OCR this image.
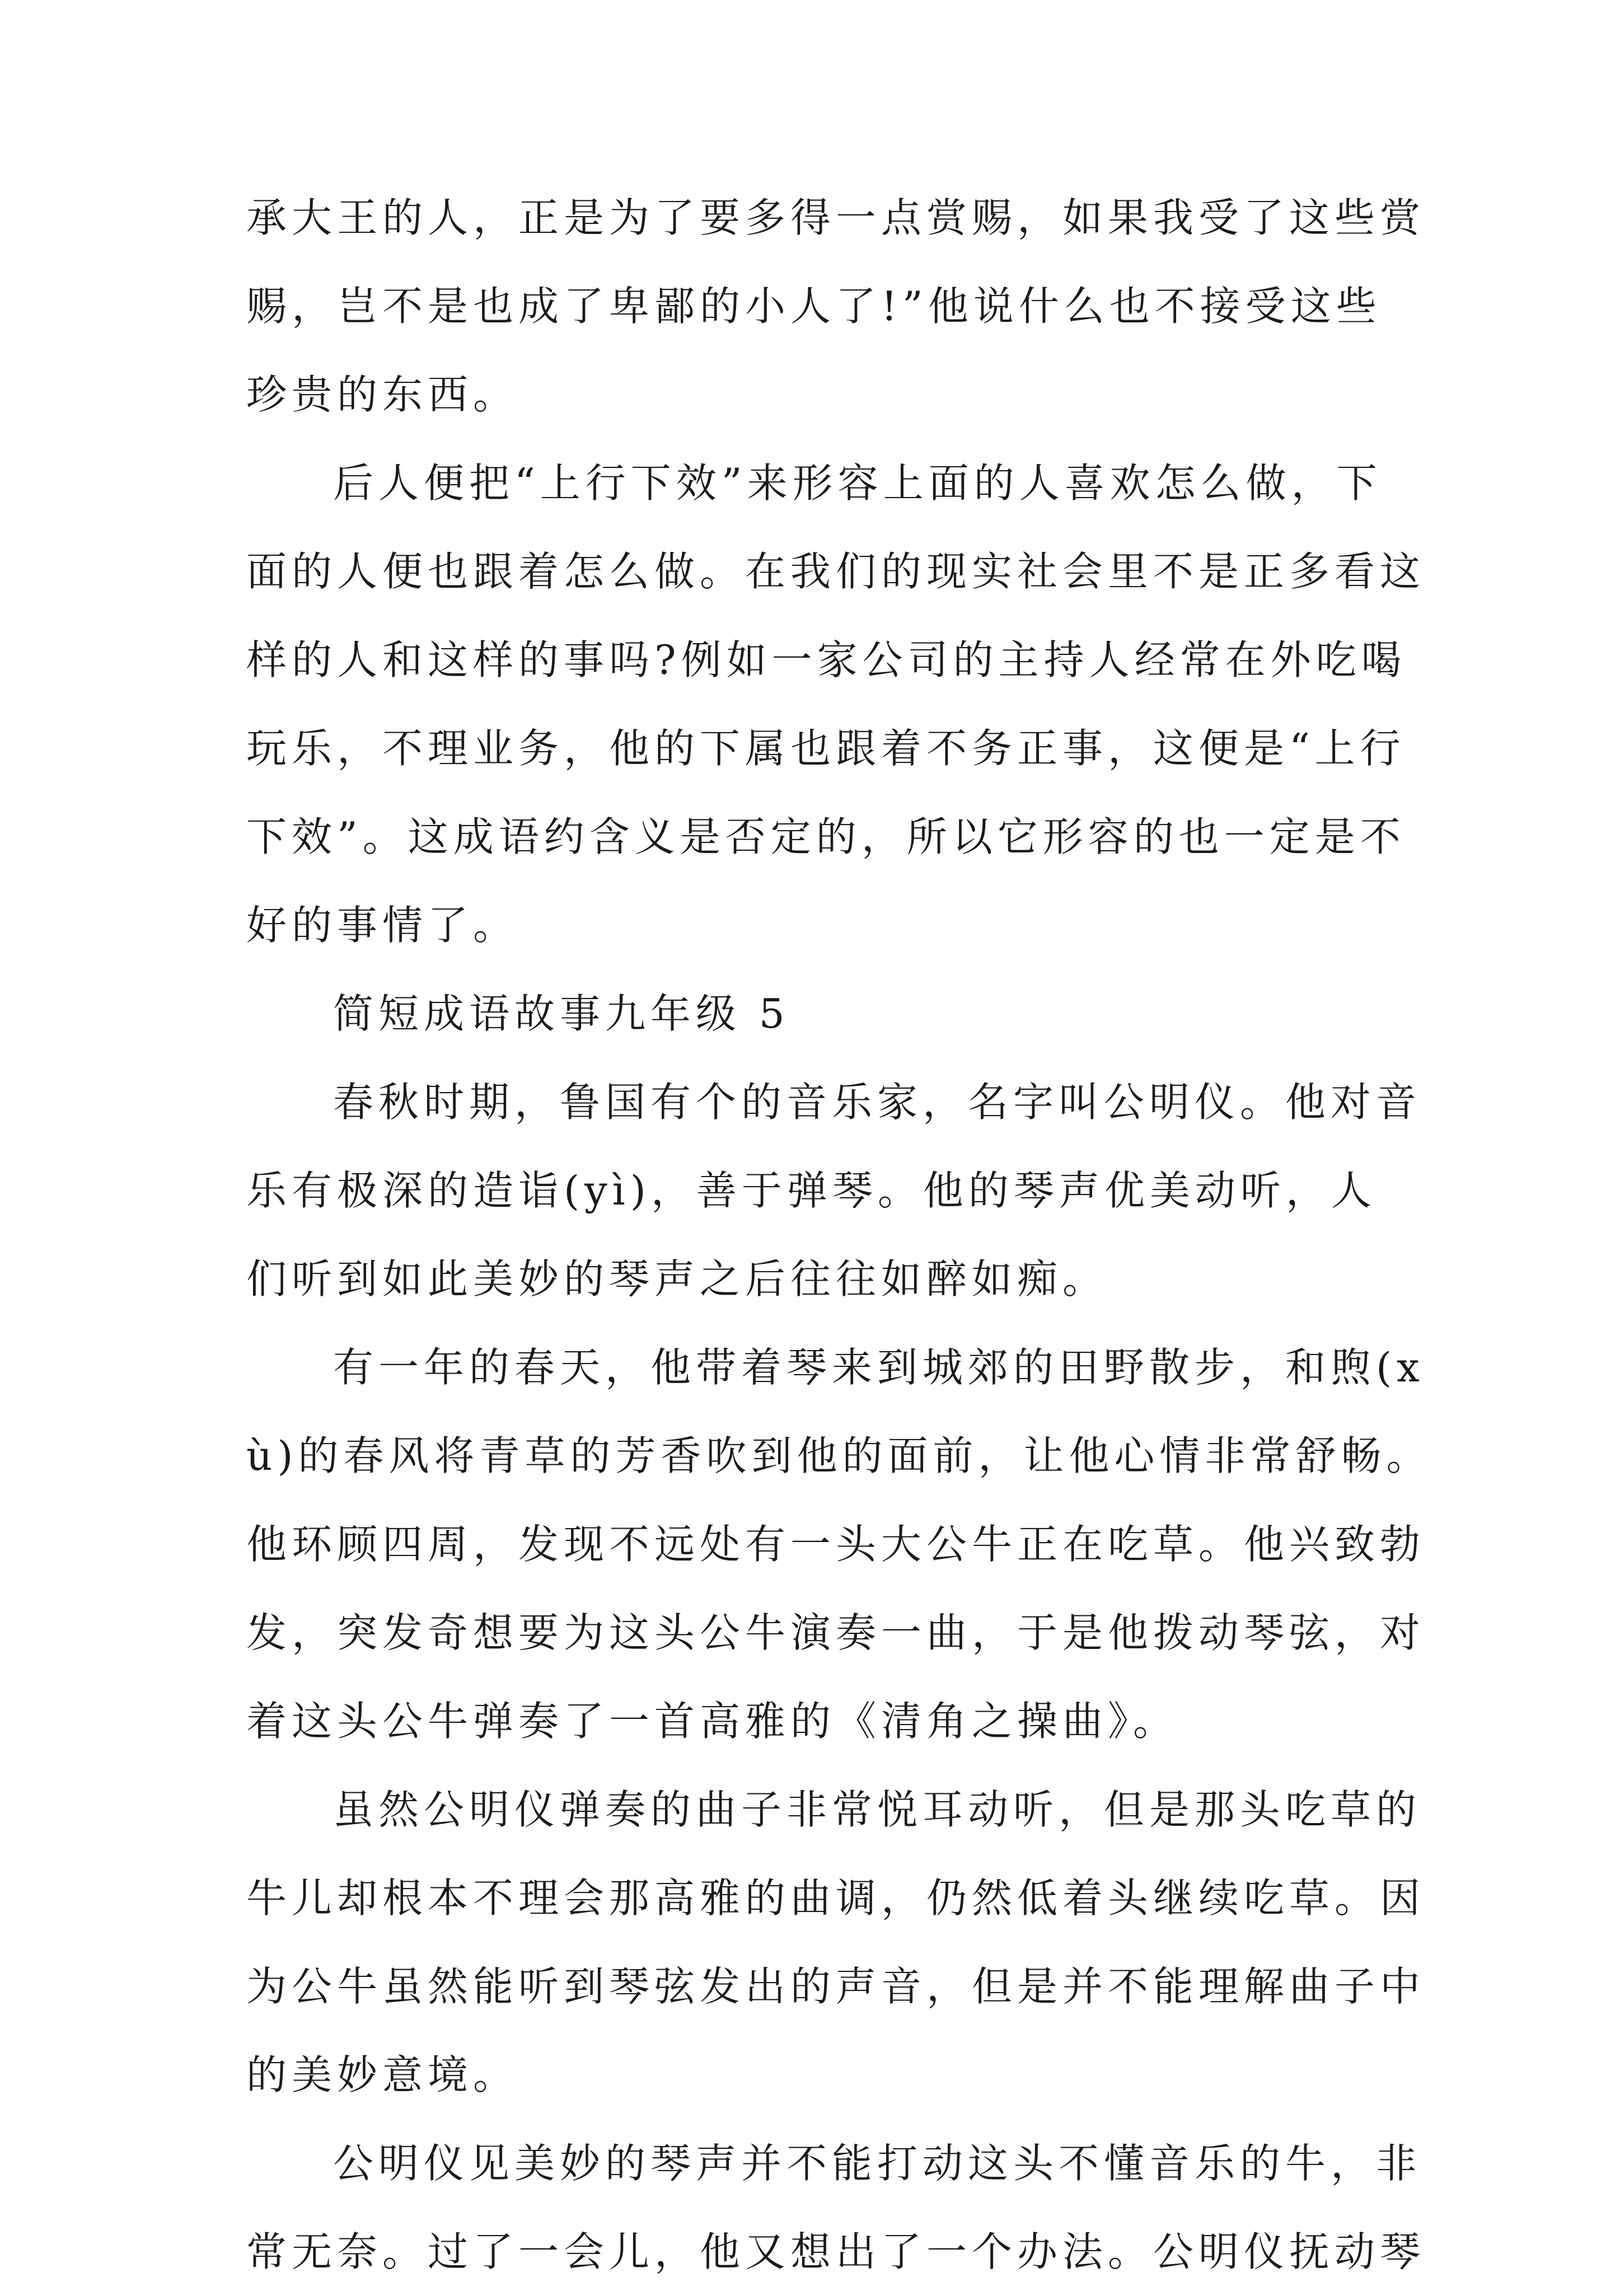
承大王的人，正是为了要多得一点赏赐，如果我受了这些赏
赐，岂不是也成了卑鄙的小人了!”他说什么也不接受这些
珍贵的东西。
后人便把“上行下效”来形容上面的人喜欢怎么做，下
面的人便也跟着怎么做。在我们的现实社会里不是正多看这
样的人和这样的事吗?例如一家公司的主持人经常在外吃喝
玩乐，不理业务，他的下属也跟着不务正事，这便是“上行
下效”。这成语约含义是否定的，所以它形容的也一定是不
好的事情了。
简短成语故事九年级 5
春秋时期，鲁国有个的音乐家，名字叫公明仪。他对音
乐有极深的造诣(yì)，善于弹琴。他的琴声优美动听，人
们听到如此美妙的琴声之后往往如醉如痴。
有一年的春天，他带着琴来到城郊的田野散步，和煦(x
ù)的春风将青草的芳香吹到他的面前，让他心情非常舒畅。
他环顾四周，发现不远处有一头大公牛正在吃草。他兴致勃
发，突发奇想要为这头公牛演奏一曲，于是他拨动琴弦，对
着这头公牛弹奏了一首高雅的《清角之操曲》。
虽然公明仪弹奏的曲子非常悦耳动听，但是那头吃草的
牛儿却根本不理会那高雅的曲调，仍然低着头继续吃草。因
为公牛虽然能听到琴弦发出的声音，但是并不能理解曲子中
的美妙意境。
公明仪见美妙的琴声并不能打动这头不懂音乐的牛，非
常无奈。过了一会儿，他又想出了一个办法。公明仪抚动琴
